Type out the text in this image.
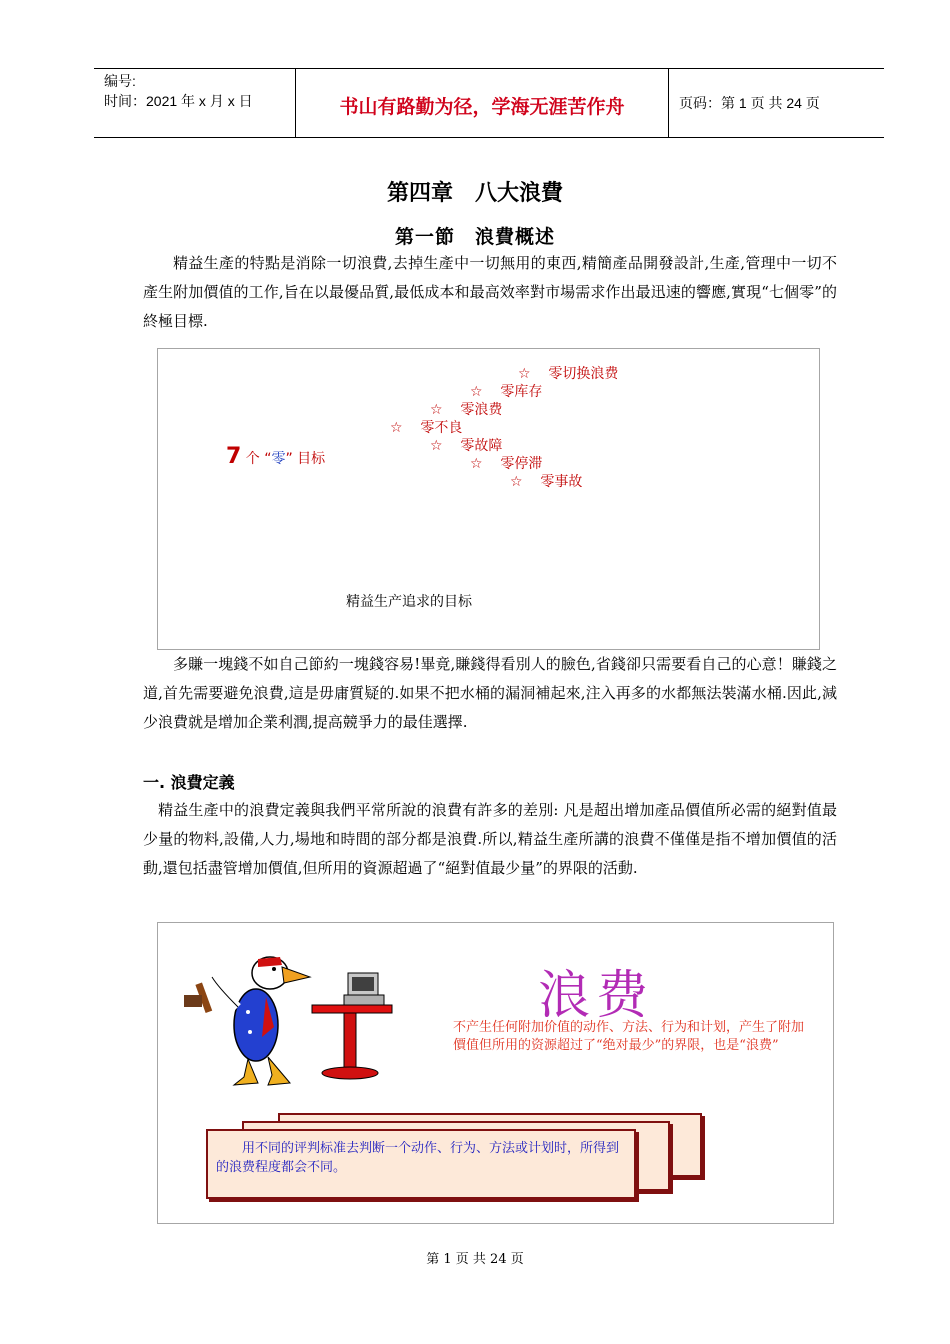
编号:
时间：2021 年 x 月 x 日	书山有路勤为径，学海无涯苦作舟	页码：第 1 页 共 24 页
第四章　八大浪費
第一節　浪費概述

精益生產的特點是消除一切浪費,去掉生產中一切無用的東西,精簡產品開發設計,生產,管理中一切不產生附加價值的工作,旨在以最優品質,最低成本和最高效率對市場需求作出最迅速的響應,實現“七個零”的終極目標.

7 个 “零” 目标
☆ 零切换浪费
☆ 零库存
☆ 零浪费
☆ 零不良
☆ 零故障
☆ 零停滞
☆ 零事故
精益生产追求的目标

多賺一塊錢不如自己節約一塊錢容易!畢竟,賺錢得看別人的臉色,省錢卻只需要看自己的心意！賺錢之道,首先需要避免浪費,這是毋庸質疑的.如果不把水桶的漏洞補起來,注入再多的水都無法裝滿水桶.因此,減少浪費就是增加企業利潤,提高競爭力的最佳選擇.

一. 浪費定義

精益生產中的浪費定義與我們平常所說的浪費有許多的差別: 凡是超出增加產品價值所必需的絕對值最少量的物料,設備,人力,場地和時間的部分都是浪費.所以,精益生產所講的浪費不僅僅是指不增加價值的活動,還包括盡管增加價值,但所用的資源超過了“絕對值最少量”的界限的活動.

浪费
不产生任何附加价值的动作、方法、行为和计划，产生了附加價值但所用的资源超过了“绝对最少”的界限，也是“浪费”
用不同的评判标准去判断一个动作、行为、方法或计划时，所得到的浪费程度都会不同。
第 1 页 共 24 页
